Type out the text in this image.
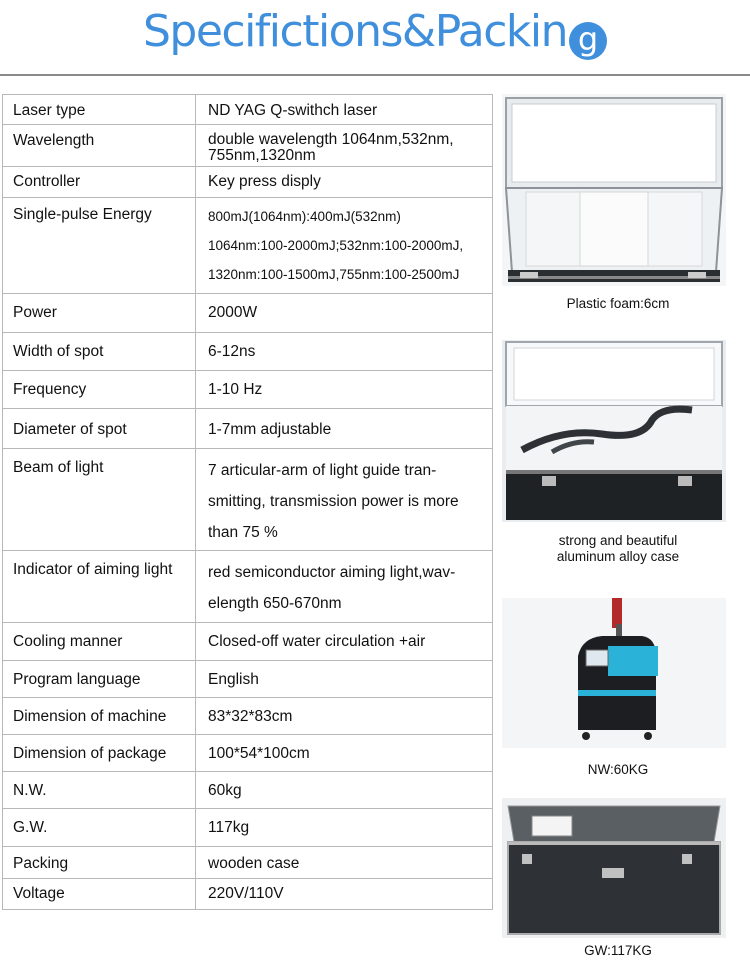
Specifictions&Packin g
Laser type	ND YAG Q-swithch laser

Wavelength	double wavelength 1064nm,532nm,
755nm,1320nm

Controller	Key press disply

Single-pulse Energy	800mJ(1064nm):400mJ(532nm)
1064nm:100-2000mJ;532nm:100-2000mJ,
1320nm:100-1500mJ,755nm:100-2500mJ

Power	2000W

Width of spot	6-12ns

Frequency	1-10 Hz

Diameter of spot	1-7mm adjustable

Beam of light	7 articular-arm of light guide tran-
smitting, transmission power is more
than 75 %

Indicator of aiming light	red semiconductor aiming light,wav-
elength 650-670nm

Cooling manner	Closed-off water circulation +air

Program language	English

Dimension of machine	83*32*83cm

Dimension of package	100*54*100cm

N.W.	60kg

G.W.	117kg

Packing	wooden case

Voltage	220V/110V
Plastic foam:6cm
strong and beautiful
aluminum alloy case
NW:60KG
GW:117KG
